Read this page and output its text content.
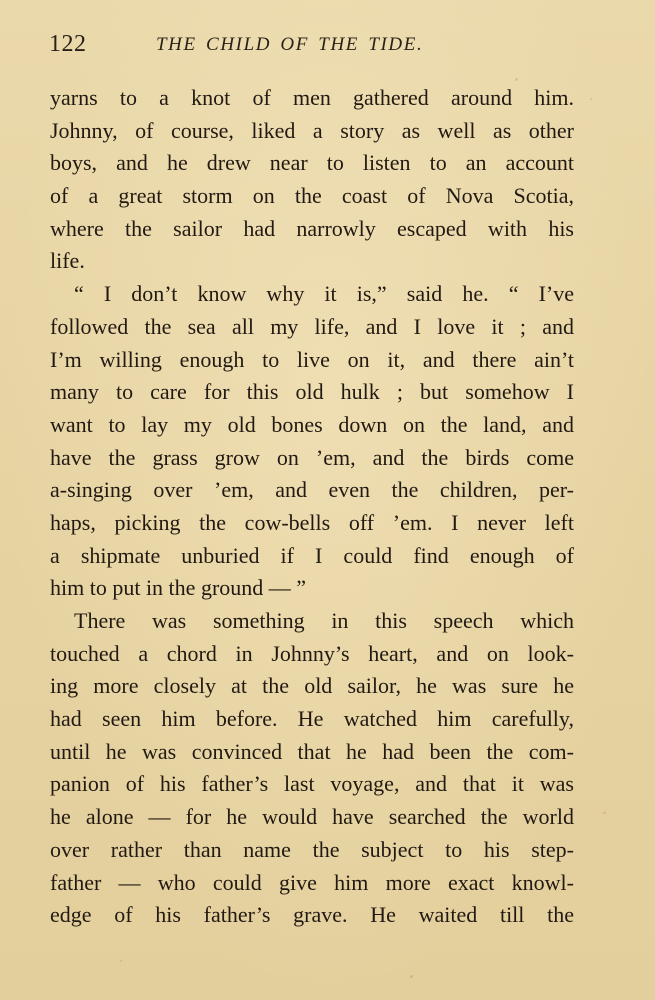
122	THE CHILD OF THE TIDE.
yarns to a knot of men gathered around him.
Johnny, of course, liked a story as well as other
boys, and he drew near to listen to an account
of a great storm on the coast of Nova Scotia,
where the sailor had narrowly escaped with his
life.
“ I don’t know why it is,” said he. “ I’ve
followed the sea all my life, and I love it ; and
I’m willing enough to live on it, and there ain’t
many to care for this old hulk ; but somehow I
want to lay my old bones down on the land, and
have the grass grow on ’em, and the birds come
a-singing over ’em, and even the children, per-
haps, picking the cow-bells off ’em. I never left
a shipmate unburied if I could find enough of
him to put in the ground — ”
There was something in this speech which
touched a chord in Johnny’s heart, and on look-
ing more closely at the old sailor, he was sure he
had seen him before. He watched him carefully,
until he was convinced that he had been the com-
panion of his father’s last voyage, and that it was
he alone — for he would have searched the world
over rather than name the subject to his step-
father — who could give him more exact knowl-
edge of his father’s grave. He waited till the
